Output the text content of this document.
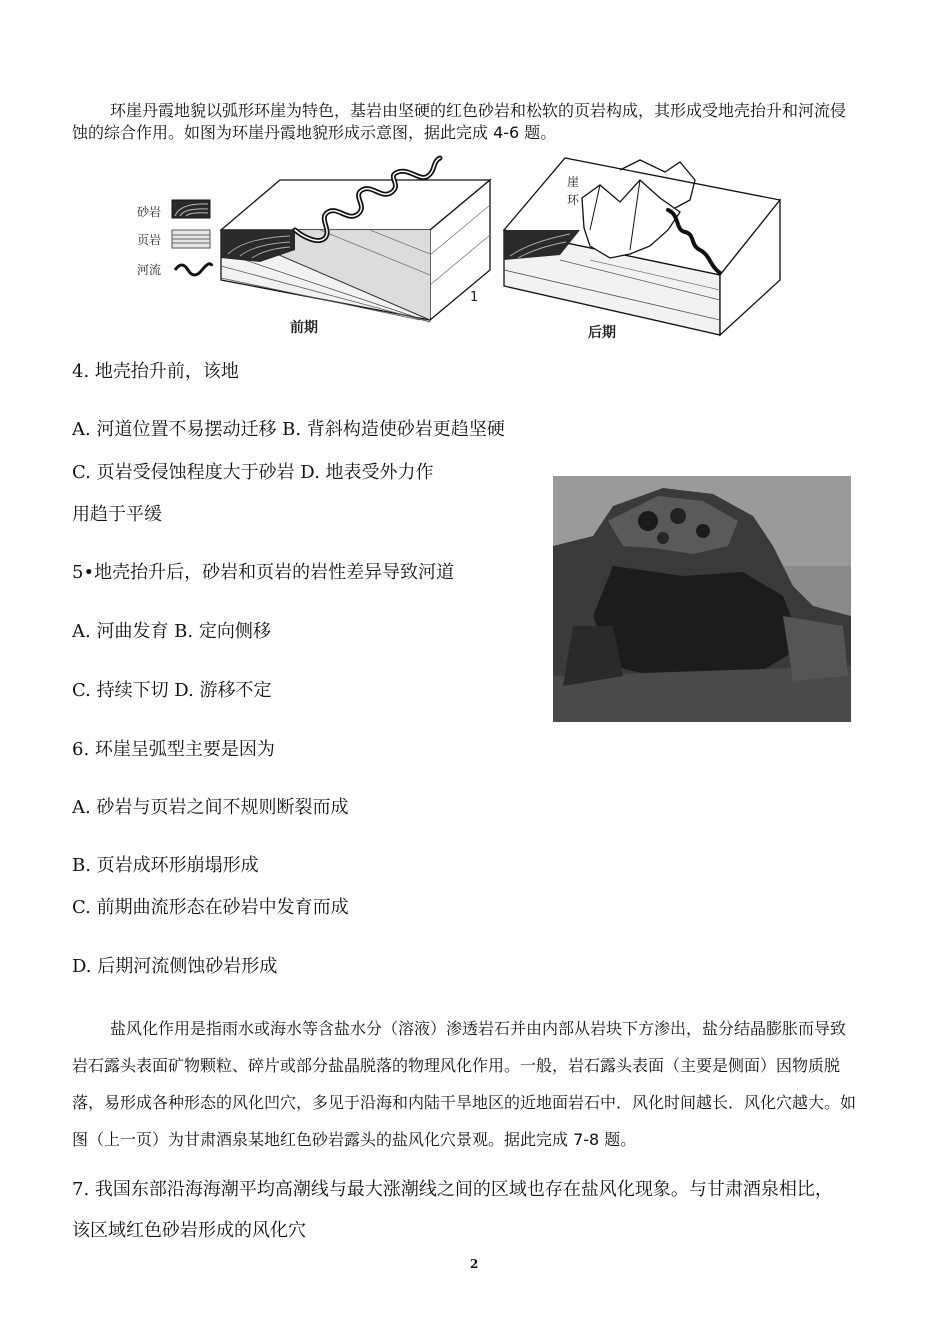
环崖丹霞地貌以弧形环崖为特色，基岩由坚硬的红色砂岩和松软的页岩构成，其形成受地壳抬升和河流侵
蚀的综合作用。如图为环崖丹霞地貌形成示意图，据此完成 4-6 题。
砂岩
页岩
河流
1
前期
崖
环
后期
4. 地壳抬升前，该地
A. 河道位置不易摆动迁移 B. 背斜构造使砂岩更趋坚硬
C. 页岩受侵蚀程度大于砂岩 D. 地表受外力作
用趋于平缓
5•地壳抬升后，砂岩和页岩的岩性差异导致河道
A. 河曲发育 B. 定向侧移
C. 持续下切 D. 游移不定
6. 环崖呈弧型主要是因为
A. 砂岩与页岩之间不规则断裂而成
B. 页岩成环形崩塌形成
C. 前期曲流形态在砂岩中发育而成
D. 后期河流侧蚀砂岩形成
盐风化作用是指雨水或海水等含盐水分（溶液）渗透岩石并由内部从岩块下方渗出，盐分结晶膨胀而导致
岩石露头表面矿物颗粒、碎片或部分盐晶脱落的物理风化作用。一般，岩石露头表面（主要是侧面）因物质脱
落，易形成各种形态的风化凹穴，多见于沿海和内陆干旱地区的近地面岩石中．风化时间越长．风化穴越大。如
图（上一页）为甘肃酒泉某地红色砂岩露头的盐风化穴景观。据此完成 7-8 题。
7. 我国东部沿海海潮平均高潮线与最大涨潮线之间的区域也存在盐风化现象。与甘肃酒泉相比，
该区域红色砂岩形成的风化穴
2
